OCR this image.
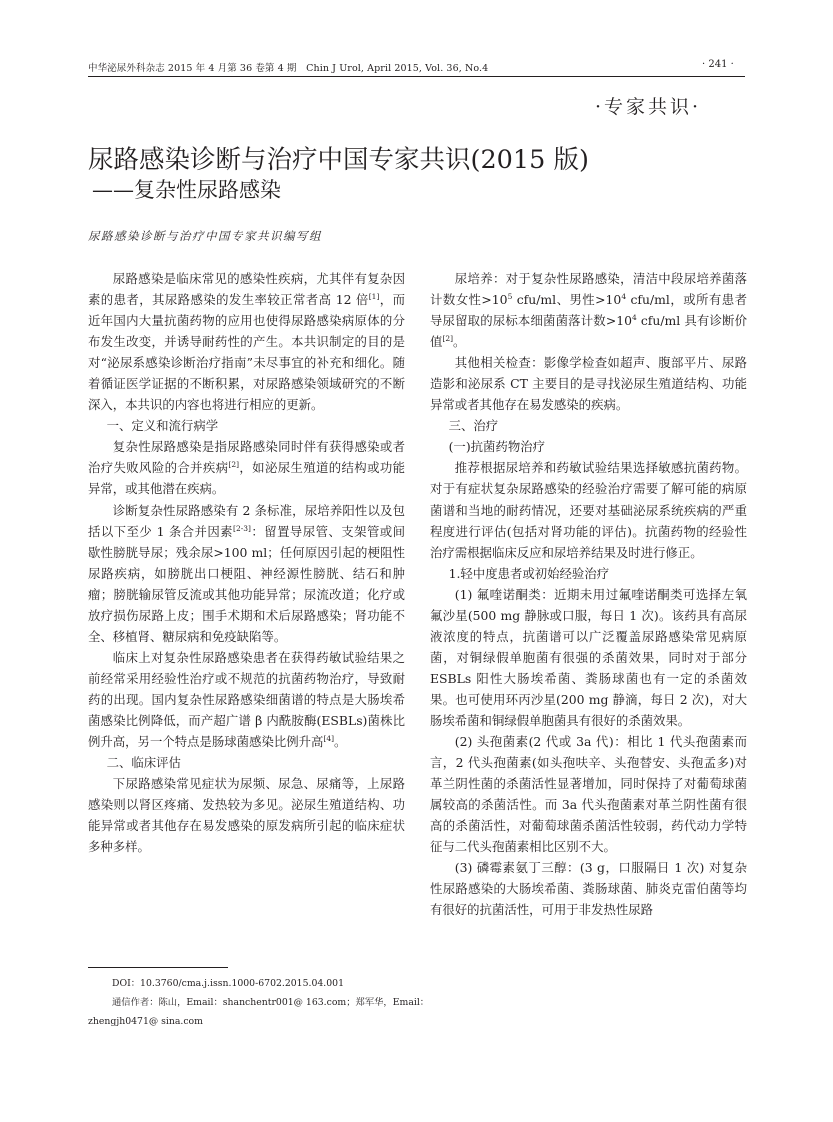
中华泌尿外科杂志 2015 年 4 月第 36 卷第 4 期　Chin J Urol, April 2015, Vol. 36, No.4	· 241 ·
·专家共识·
尿路感染诊断与治疗中国专家共识(2015 版)
——复杂性尿路感染
尿路感染诊断与治疗中国专家共识编写组

尿路感染是临床常见的感染性疾病，尤其伴有复杂因素的患者，其尿路感染的发生率较正常者高 12 倍[1]，而近年国内大量抗菌药物的应用也使得尿路感染病原体的分布发生改变，并诱导耐药性的产生。本共识制定的目的是对“泌尿系感染诊断治疗指南”未尽事宜的补充和细化。随着循证医学证据的不断积累，对尿路感染领域研究的不断深入，本共识的内容也将进行相应的更新。

一、定义和流行病学

复杂性尿路感染是指尿路感染同时伴有获得感染或者治疗失败风险的合并疾病[2]，如泌尿生殖道的结构或功能异常，或其他潜在疾病。

诊断复杂性尿路感染有 2 条标准，尿培养阳性以及包括以下至少 1 条合并因素[2-3]：留置导尿管、支架管或间歇性膀胱导尿；残余尿>100 ml；任何原因引起的梗阻性尿路疾病，如膀胱出口梗阻、神经源性膀胱、结石和肿瘤；膀胱输尿管反流或其他功能异常；尿流改道；化疗或放疗损伤尿路上皮；围手术期和术后尿路感染；肾功能不全、移植肾、糖尿病和免疫缺陷等。

临床上对复杂性尿路感染患者在获得药敏试验结果之前经常采用经验性治疗或不规范的抗菌药物治疗，导致耐药的出现。国内复杂性尿路感染细菌谱的特点是大肠埃希菌感染比例降低，而产超广谱 β 内酰胺酶(ESBLs)菌株比例升高，另一个特点是肠球菌感染比例升高[4]。

二、临床评估

下尿路感染常见症状为尿频、尿急、尿痛等，上尿路感染则以肾区疼痛、发热较为多见。泌尿生殖道结构、功能异常或者其他存在易发感染的原发病所引起的临床症状多种多样。

DOI：10.3760/cma.j.issn.1000-6702.2015.04.001
通信作者：陈山，Email：shanchentr001@ 163.com；郑军华，Email：
zhengjh0471@ sina.com

尿培养：对于复杂性尿路感染，清洁中段尿培养菌落计数女性$>10^5$ cfu/ml、男性$>10^4$ cfu/ml，或所有患者导尿留取的尿标本细菌菌落计数$>10^4$ cfu/ml 具有诊断价值[2]。

其他相关检查：影像学检查如超声、腹部平片、尿路造影和泌尿系 CT 主要目的是寻找泌尿生殖道结构、功能异常或者其他存在易发感染的疾病。

三、治疗

(一)抗菌药物治疗

推荐根据尿培养和药敏试验结果选择敏感抗菌药物。对于有症状复杂尿路感染的经验治疗需要了解可能的病原菌谱和当地的耐药情况，还要对基础泌尿系统疾病的严重程度进行评估(包括对肾功能的评估)。抗菌药物的经验性治疗需根据临床反应和尿培养结果及时进行修正。

1.轻中度患者或初始经验治疗

(1) 氟喹诺酮类：近期未用过氟喹诺酮类可选择左氧氟沙星(500 mg 静脉或口服，每日 1 次)。该药具有高尿液浓度的特点，抗菌谱可以广泛覆盖尿路感染常见病原菌，对铜绿假单胞菌有很强的杀菌效果，同时对于部分 ESBLs 阳性大肠埃希菌、粪肠球菌也有一定的杀菌效果。也可使用环丙沙星(200 mg 静滴，每日 2 次)，对大肠埃希菌和铜绿假单胞菌具有很好的杀菌效果。

(2) 头孢菌素(2 代或 3a 代)：相比 1 代头孢菌素而言，2 代头孢菌素(如头孢呋辛、头孢替安、头孢孟多)对革兰阴性菌的杀菌活性显著增加，同时保持了对葡萄球菌属较高的杀菌活性。而 3a 代头孢菌素对革兰阴性菌有很高的杀菌活性，对葡萄球菌杀菌活性较弱，药代动力学特征与二代头孢菌素相比区别不大。

(3) 磷霉素氨丁三醇：(3 g，口服隔日 1 次) 对复杂性尿路感染的大肠埃希菌、粪肠球菌、肺炎克雷伯菌等均有很好的抗菌活性，可用于非发热性尿路
